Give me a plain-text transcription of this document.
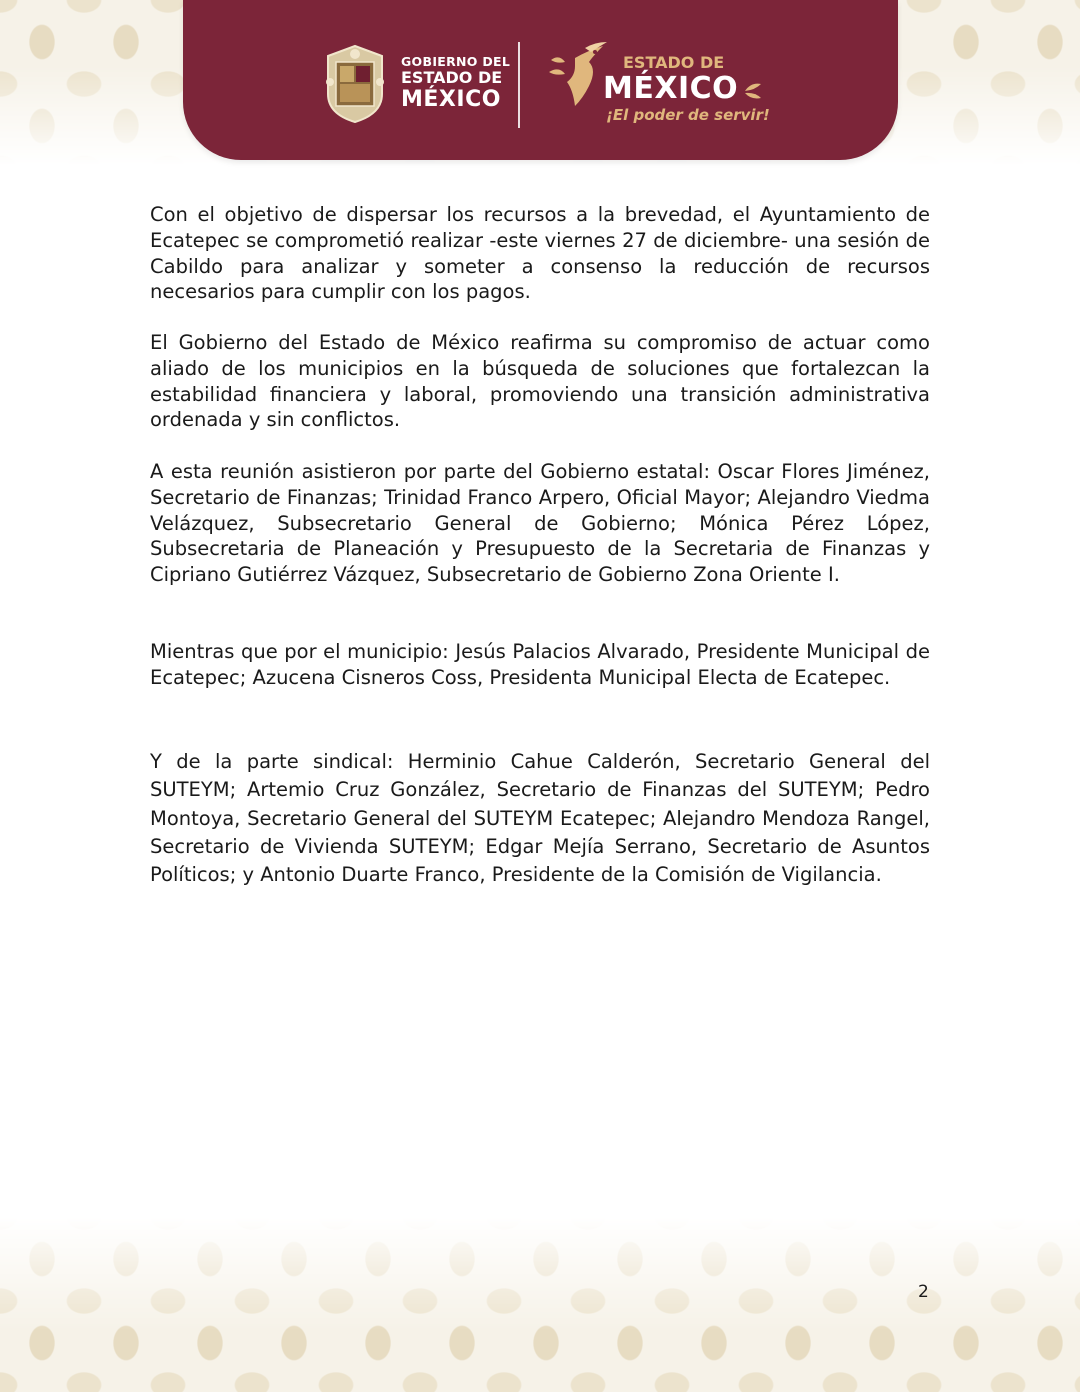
GOBIERNO DEL
ESTADO DE
MÉXICO
ESTADO DE
MÉXICO
¡El poder de servir!

Con el objetivo de dispersar los recursos a la brevedad, el Ayuntamiento de Ecatepec se comprometió realizar -este viernes 27 de diciembre- una sesión de Cabildo para analizar y someter a consenso la reducción de recursos necesarios para cumplir con los pagos.

El Gobierno del Estado de México reafirma su compromiso de actuar como aliado de los municipios en la búsqueda de soluciones que fortalezcan la estabilidad financiera y laboral, promoviendo una transición administrativa ordenada y sin conflictos.

A esta reunión asistieron por parte del Gobierno estatal: Oscar Flores Jiménez, Secretario de Finanzas; Trinidad Franco Arpero, Oficial Mayor; Alejandro Viedma Velázquez, Subsecretario General de Gobierno; Mónica Pérez López, Subsecretaria de Planeación y Presupuesto de la Secretaria de Finanzas y Cipriano Gutiérrez Vázquez, Subsecretario de Gobierno Zona Oriente I.

Mientras que por el municipio: Jesús Palacios Alvarado, Presidente Municipal de Ecatepec; Azucena Cisneros Coss, Presidenta Municipal Electa de Ecatepec.

Y de la parte sindical: Herminio Cahue Calderón, Secretario General del SUTEYM; Artemio Cruz González, Secretario de Finanzas del SUTEYM; Pedro Montoya, Secretario General del SUTEYM Ecatepec; Alejandro Mendoza Rangel, Secretario de Vivienda SUTEYM; Edgar Mejía Serrano, Secretario de Asuntos Políticos; y Antonio Duarte Franco, Presidente de la Comisión de Vigilancia.

2
